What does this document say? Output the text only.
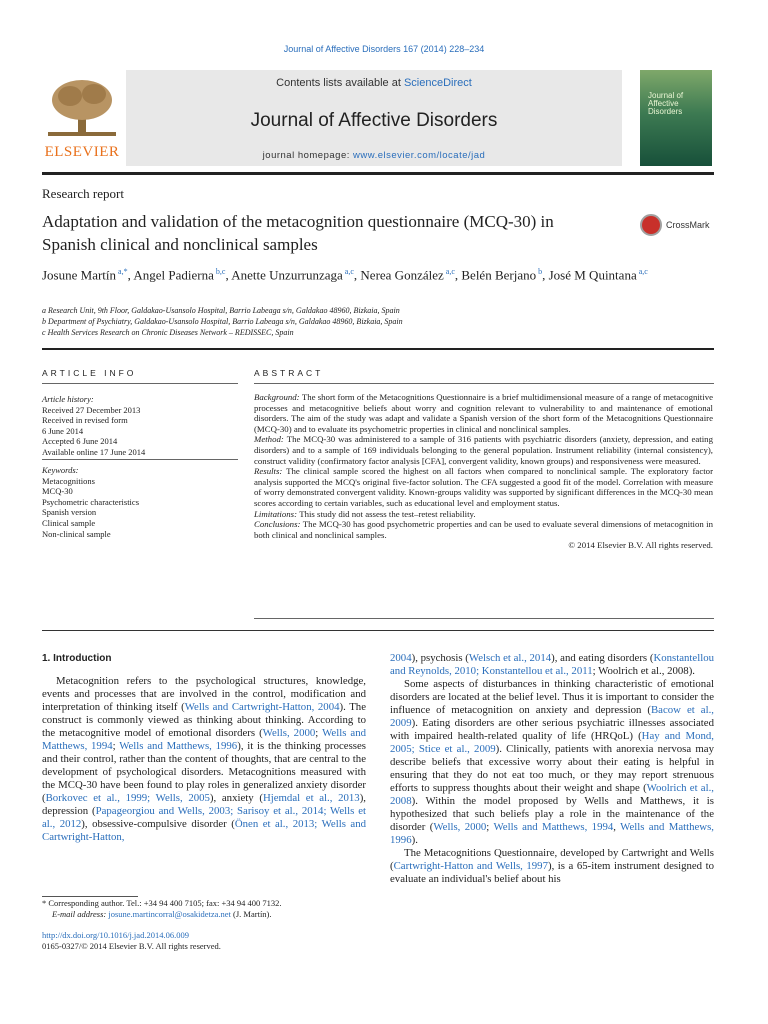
Journal of Affective Disorders 167 (2014) 228–234
ELSEVIER
Contents lists available at ScienceDirect
Journal of Affective Disorders
journal homepage: www.elsevier.com/locate/jad
Journal of
Affective
Disorders
Research report
Adaptation and validation of the metacognition questionnaire (MCQ-30) in Spanish clinical and nonclinical samples
CrossMark
Josune Martín $^{a,*}$, Angel Padierna $^{b,c}$, Anette Unzurrunzaga $^{a,c}$, Nerea González $^{a,c}$, Belén Berjano $^b$, José M Quintana $^{a,c}$
a Research Unit, 9th Floor, Galdakao-Usansolo Hospital, Barrio Labeaga s/n, Galdakao 48960, Bizkaia, Spain
b Department of Psychiatry, Galdakao-Usansolo Hospital, Barrio Labeaga s/n, Galdakao 48960, Bizkaia, Spain
c Health Services Research on Chronic Diseases Network – REDISSEC, Spain
ARTICLE INFO	ABSTRACT
Article history:
Received 27 December 2013
Received in revised form
6 June 2014
Accepted 6 June 2014
Available online 17 June 2014
Keywords:
Metacognitions
MCQ-30
Psychometric characteristics
Spanish version
Clinical sample
Non-clinical sample

Background: The short form of the Metacognitions Questionnaire is a brief multidimensional measure of a range of metacognitive processes and metacognitive beliefs about worry and cognition relevant to vulnerability to and maintenance of emotional disorders. The aim of the study was adapt and validate a Spanish version of the short form of the Metacognitions Questionnaire (MCQ-30) and to evaluate its psychometric properties in clinical and nonclinical samples.

Method: The MCQ-30 was administered to a sample of 316 patients with psychiatric disorders (anxiety, depression, and eating disorders) and to a sample of 169 individuals belonging to the general population. Instrument reliability (internal consistency), construct validity (confirmatory factor analysis [CFA], convergent validity, known groups) and responsiveness were measured.

Results: The clinical sample scored the highest on all factors when compared to nonclinical sample. The exploratory factor analysis supported the MCQ's original five-factor solution. The CFA suggested a good fit of the model. Correlation with measure of worry demonstrated convergent validity. Known-groups validity was supported by significant differences in the MCQ-30 mean scores according to certain variables, such as educational level and employment status.

Limitations: This study did not assess the test–retest reliability.

Conclusions: The MCQ-30 has good psychometric properties and can be used to evaluate several dimensions of metacognition in both clinical and nonclinical samples.

© 2014 Elsevier B.V. All rights reserved.

1. Introduction

Metacognition refers to the psychological structures, knowledge, events and processes that are involved in the control, modification and interpretation of thinking itself (Wells and Cartwright-Hatton, 2004). The construct is commonly viewed as thinking about thinking. According to the metacognitive model of emotional disorders (Wells, 2000; Wells and Matthews, 1994; Wells and Matthews, 1996), it is the thinking processes and their control, rather than the content of thoughts, that are central to the development of psychological disorders. Metacognitions measured with the MCQ-30 have been found to play roles in generalized anxiety disorder (Borkovec et al., 1999; Wells, 2005), anxiety (Hjemdal et al., 2013), depression (Papageorgiou and Wells, 2003; Sarisoy et al., 2014; Wells et al., 2012), obsessive-compulsive disorder (Önen et al., 2013; Wells and Cartwright-Hatton,

2004), psychosis (Welsch et al., 2014), and eating disorders (Konstantellou and Reynolds, 2010; Konstantellou et al., 2011; Woolrich et al., 2008).

Some aspects of disturbances in thinking characteristic of emotional disorders are located at the belief level. Thus it is important to consider the influence of metacognition on anxiety and depression (Bacow et al., 2009). Eating disorders are other serious psychiatric illnesses associated with impaired health-related quality of life (HRQoL) (Hay and Mond, 2005; Stice et al., 2009). Clinically, patients with anorexia nervosa may describe beliefs that excessive worry about their eating is helpful in ensuring that they do not eat too much, or they may report strenuous efforts to suppress thoughts about their weight and shape (Woolrich et al., 2008). Within the model proposed by Wells and Matthews, it is hypothesized that such beliefs play a role in the maintenance of the disorder (Wells, 2000; Wells and Matthews, 1994, Wells and Matthews, 1996).

The Metacognitions Questionnaire, developed by Cartwright and Wells (Cartwright-Hatton and Wells, 1997), is a 65-item instrument designed to evaluate an individual's belief about his

* Corresponding author. Tel.: +34 94 400 7105; fax: +34 94 400 7132.
E-mail address: josune.martincorral@osakidetza.net (J. Martín).
http://dx.doi.org/10.1016/j.jad.2014.06.009
0165-0327/© 2014 Elsevier B.V. All rights reserved.
